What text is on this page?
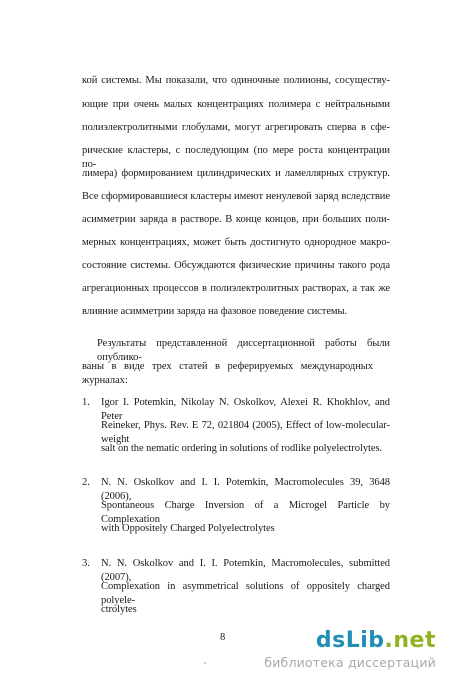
кой системы. Мы показали, что одиночные полиионы, сосуществу-
ющие при очень малых концентрациях полимера с нейтральными
полиэлектролитными глобулами, могут агрегировать сперва в сфе-
рические кластеры, с последующим (по мере роста концентрации по-
лимера) формированием цилиндрических и ламеллярных структур.
Все сформировавшиеся кластеры имеют ненулевой заряд вследствие
асимметрии заряда в растворе. В конце концов, при больших поли-
мерных концентрациях, может быть достигнуто однородное макро-
состояние системы. Обсуждаются физические причины такого рода
агрегационных процессов в полиэлектролитных растворах, а так же
влияние асимметрии заряда на фазовое поведение системы.
Результаты представленной диссертационной работы были опублико-
ваны в виде трех статей в реферируемых международных журналах:
1. Igor I. Potemkin, Nikolay N. Oskolkov, Alexei R. Khokhlov, and Peter
Reineker, Phys. Rev. E 72, 021804 (2005), Effect of low-molecular-weight
salt on the nematic ordering in solutions of rodlike polyelectrolytes.
2. N. N. Oskolkov and I. I. Potemkin, Macromolecules 39, 3648 (2006),
Spontaneous Charge Inversion of a Microgel Particle by Complexation
with Oppositely Charged Polyelectrolytes
3. N. N. Oskolkov and I. I. Potemkin, Macromolecules, submitted (2007),
Complexation in asymmetrical solutions of oppositely charged polyele-
ctrolytes
8	dsLib.net
библиотека диссертаций
